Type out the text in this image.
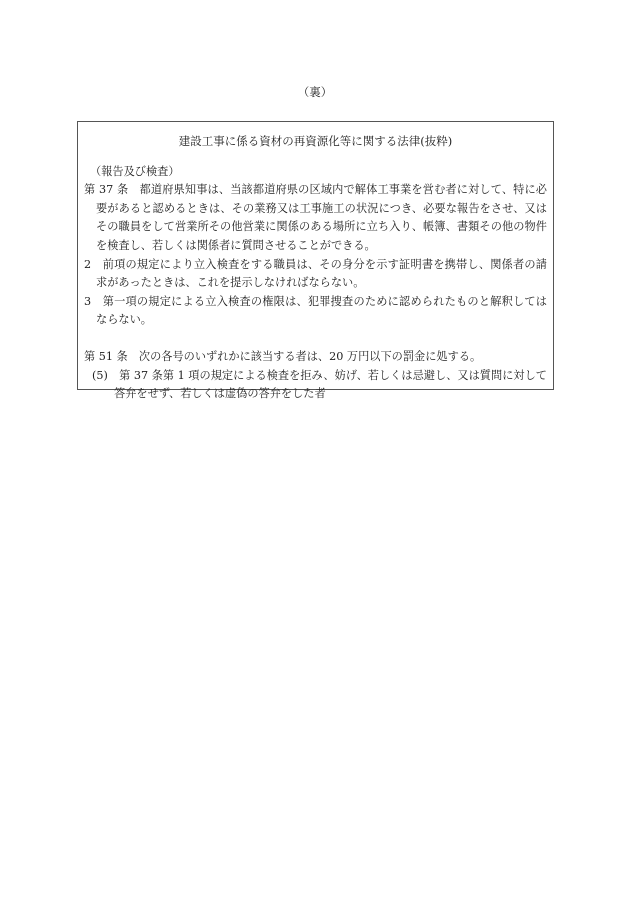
（裏）

建設工事に係る資材の再資源化等に関する法律(抜粋)

（報告及び検査）

第 37 条　都道府県知事は、当該都道府県の区域内で解体工事業を営む者に対して、特に必要があると認めるときは、その業務又は工事施工の状況につき、必要な報告をさせ、又はその職員をして営業所その他営業に関係のある場所に立ち入り、帳簿、書類その他の物件を検査し、若しくは関係者に質問させることができる。

2　前項の規定により立入検査をする職員は、その身分を示す証明書を携帯し、関係者の請求があったときは、これを提示しなければならない。

3　第一項の規定による立入検査の権限は、犯罪捜査のために認められたものと解釈してはならない。

第 51 条　次の各号のいずれかに該当する者は、20 万円以下の罰金に処する。

(5)　第 37 条第 1 項の規定による検査を拒み、妨げ、若しくは忌避し、又は質問に対して答弁をせず、若しくは虚偽の答弁をした者
